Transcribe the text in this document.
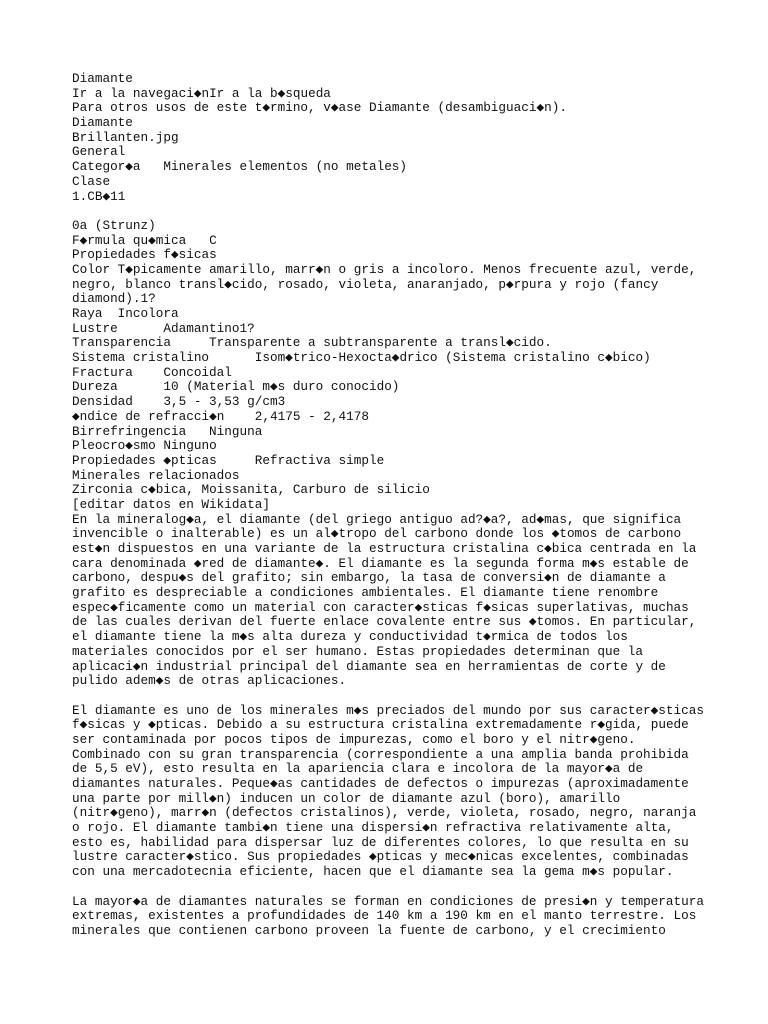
Diamante
Ir a la navegaci◆nIr a la b◆squeda
Para otros usos de este t◆rmino, v◆ase Diamante (desambiguaci◆n).
Diamante
Brillanten.jpg
General
Categor◆a   Minerales elementos (no metales)
Clase
1.CB◆11
0a (Strunz)
F◆rmula qu◆mica   C
Propiedades f◆sicas
Color T◆picamente amarillo, marr◆n o gris a incoloro. Menos frecuente azul, verde,
negro, blanco transl◆cido, rosado, violeta, anaranjado, p◆rpura y rojo (fancy
diamond).1?
Raya  Incolora
Lustre      Adamantino1?
Transparencia     Transparente a subtransparente a transl◆cido.
Sistema cristalino      Isom◆trico-Hexocta◆drico (Sistema cristalino c◆bico)
Fractura    Concoidal
Dureza      10 (Material m◆s duro conocido)
Densidad    3,5 - 3,53 g/cm3
◆ndice de refracci◆n    2,4175 - 2,4178
Birrefringencia   Ninguna
Pleocro◆smo Ninguno
Propiedades ◆pticas     Refractiva simple
Minerales relacionados
Zirconia c◆bica, Moissanita, Carburo de silicio
[editar datos en Wikidata]
En la mineralog◆a, el diamante (del griego antiguo ad?◆a?, ad◆mas, que significa
invencible o inalterable) es un al◆tropo del carbono donde los ◆tomos de carbono
est◆n dispuestos en una variante de la estructura cristalina c◆bica centrada en la
cara denominada ◆red de diamante◆. El diamante es la segunda forma m◆s estable de
carbono, despu◆s del grafito; sin embargo, la tasa de conversi◆n de diamante a
grafito es despreciable a condiciones ambientales. El diamante tiene renombre
espec◆ficamente como un material con caracter◆sticas f◆sicas superlativas, muchas
de las cuales derivan del fuerte enlace covalente entre sus ◆tomos. En particular,
el diamante tiene la m◆s alta dureza y conductividad t◆rmica de todos los
materiales conocidos por el ser humano. Estas propiedades determinan que la
aplicaci◆n industrial principal del diamante sea en herramientas de corte y de
pulido adem◆s de otras aplicaciones.
El diamante es uno de los minerales m◆s preciados del mundo por sus caracter◆sticas
f◆sicas y ◆pticas. Debido a su estructura cristalina extremadamente r◆gida, puede
ser contaminada por pocos tipos de impurezas, como el boro y el nitr◆geno.
Combinado con su gran transparencia (correspondiente a una amplia banda prohibida
de 5,5 eV), esto resulta en la apariencia clara e incolora de la mayor◆a de
diamantes naturales. Peque◆as cantidades de defectos o impurezas (aproximadamente
una parte por mill◆n) inducen un color de diamante azul (boro), amarillo
(nitr◆geno), marr◆n (defectos cristalinos), verde, violeta, rosado, negro, naranja
o rojo. El diamante tambi◆n tiene una dispersi◆n refractiva relativamente alta,
esto es, habilidad para dispersar luz de diferentes colores, lo que resulta en su
lustre caracter◆stico. Sus propiedades ◆pticas y mec◆nicas excelentes, combinadas
con una mercadotecnia eficiente, hacen que el diamante sea la gema m◆s popular.
La mayor◆a de diamantes naturales se forman en condiciones de presi◆n y temperatura
extremas, existentes a profundidades de 140 km a 190 km en el manto terrestre. Los
minerales que contienen carbono proveen la fuente de carbono, y el crecimiento
